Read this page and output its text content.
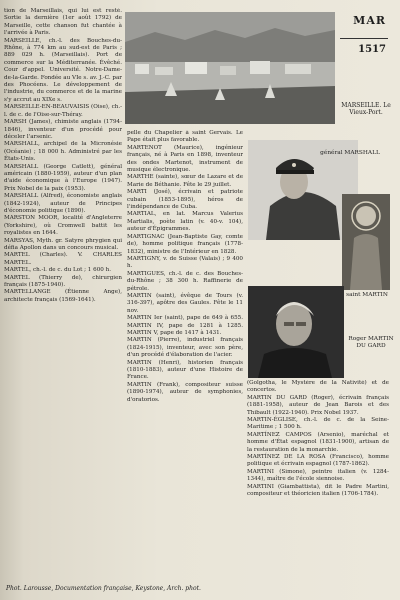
MAR
1517

tion de Marseillais, qui lui est resté. Sortie la dernière (1er août 1792) de Marseille, cette chanson fut chantée à l'arrivée à Paris.

MARSEILLE, ch.-l. des Bouches-du-Rhône, à 774 km au sud-est de Paris ; 889 029 h. (Marseillais). Port de commerce sur la Méditerranée. Évêché. Cour d'appel. Université. Notre-Dame-de-la-Garde. Fondée au VIe s. av. J.-C. par des Phocéens. Le développement de l'industrie, du commerce et de la marine s'y accrut au XIXe s.

MARSEILLE-EN-BEAUVAISIS (Oise), ch.-l. de c. de l'Oise-sur-Théray.

MARSH (James), chimiste anglais (1794-1846), inventeur d'un procédé pour déceler l'arsenic.

MARSHALL, archipel de la Micronésie (Océanie) ; 18 000 h. Administré par les États-Unis.

MARSHALL (George Catlett), général américain (1880-1959), auteur d'un plan d'aide économique à l'Europe (1947). Prix Nobel de la paix (1953).

MARSHALL (Alfred), économiste anglais (1842-1924), auteur de Principes d'économie politique (1890).

MARSTON MOOR, localité d'Angleterre (Yorkshire), où Cromwell battit les royalistes en 1644.

MARSYAS, Myth. gr. Satyre phrygien qui défia Apollon dans un concours musical.

MARTEL (Charles). V. CHARLES MARTEL.

MARTEL, ch.-l. de c. du Lot ; 1 600 h.

MARTEL (Thierry de), chirurgien français (1875-1940).

MARTELLANGE (Étienne Ange), architecte français (1569-1641).

MARSEILLE. Le Vieux-Port.

pelle du Chapelier à saint Gervais. Le Pape était plus favorable.

MARTENOT (Maurice), ingénieur français, né à Paris en 1898, inventeur des ondes Martenot, instrument de musique électronique.

MARTHE (sainte), sœur de Lazare et de Marie de Béthanie. Fête le 29 juillet.

MARTI (José), écrivain et patriote cubain (1853-1895), héros de l'indépendance de Cuba.

MARTIAL, en lat. Marcus Valerius Martialis, poète latin (v. 40-v. 104), auteur d'Épigrammes.

MARTIGNAC (Jean-Baptiste Gay, comte de), homme politique français (1778-1832), ministre de l'Intérieur en 1828.

MARTIGNY, v. de Suisse (Valais) ; 9 400 h.

MARTIGUES, ch.-l. de c. des Bouches-du-Rhône ; 38 300 h. Raffinerie de pétrole.

MARTIN (saint), évêque de Tours (v. 316-397), apôtre des Gaules. Fête le 11 nov.

MARTIN Ier (saint), pape de 649 à 655. MARTIN IV, pape de 1281 à 1285. MARTIN V, pape de 1417 à 1431.

MARTIN (Pierre), industriel français (1824-1915), inventeur, avec son père, d'un procédé d'élaboration de l'acier.

MARTIN (Henri), historien français (1810-1883), auteur d'une Histoire de France.

MARTIN (Frank), compositeur suisse (1890-1974), auteur de symphonies, d'oratorios.

général MARSHALL
saint MARTIN
Roger MARTIN DU GARD

(Golgotha, le Mystère de la Nativité) et de concertos.

MARTIN DU GARD (Roger), écrivain français (1881-1958), auteur de Jean Barois et des Thibault (1922-1940). Prix Nobel 1937.

MARTIN-ÉGLISE, ch.-l. de c. de la Seine-Maritime ; 1 500 h.

MARTÍNEZ CAMPOS (Arsenio), maréchal et homme d'État espagnol (1831-1900), artisan de la restauration de la monarchie.

MARTÍNEZ DE LA ROSA (Francisco), homme politique et écrivain espagnol (1787-1862).

MARTINI (Simone), peintre italien (v. 1284-1344), maître de l'école siennoise.

MARTINI (Giambattista), dit le Padre Martini, compositeur et théoricien italien (1706-1784).

Phot. Larousse, Documentation française, Keystone, Arch. phot.
